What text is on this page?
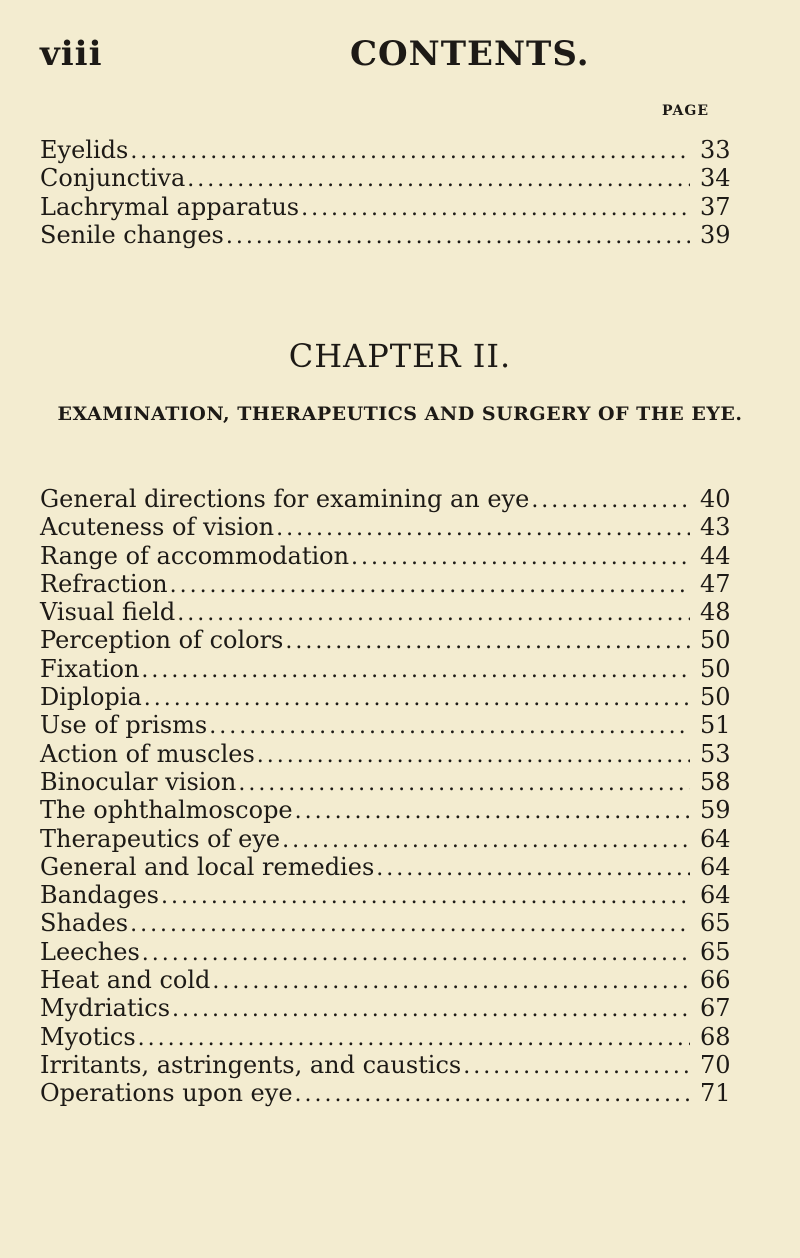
viii	CONTENTS.
PAGE
Eyelids . . .	33
Conjunctiva . . .	34
Lachrymal apparatus . . .	37
Senile changes . . .	39
CHAPTER II.
EXAMINATION, THERAPEUTICS AND SURGERY OF THE EYE.
General directions for examining an eye . . .	40
Acuteness of vision . . .	43
Range of accommodation . . .	44
Refraction . . .	47
Visual field . . .	48
Perception of colors . . .	50
Fixation . . .	50
Diplopia . . .	50
Use of prisms . . .	51
Action of muscles . . .	53
Binocular vision . . .	58
The ophthalmoscope . . .	59
Therapeutics of eye . . .	64
General and local remedies . . .	64
Bandages . . .	64
Shades . . .	65
Leeches . . .	65
Heat and cold . . .	66
Mydriatics . . .	67
Myotics . . .	68
Irritants, astringents, and caustics . . .	70
Operations upon eye . . .	71
